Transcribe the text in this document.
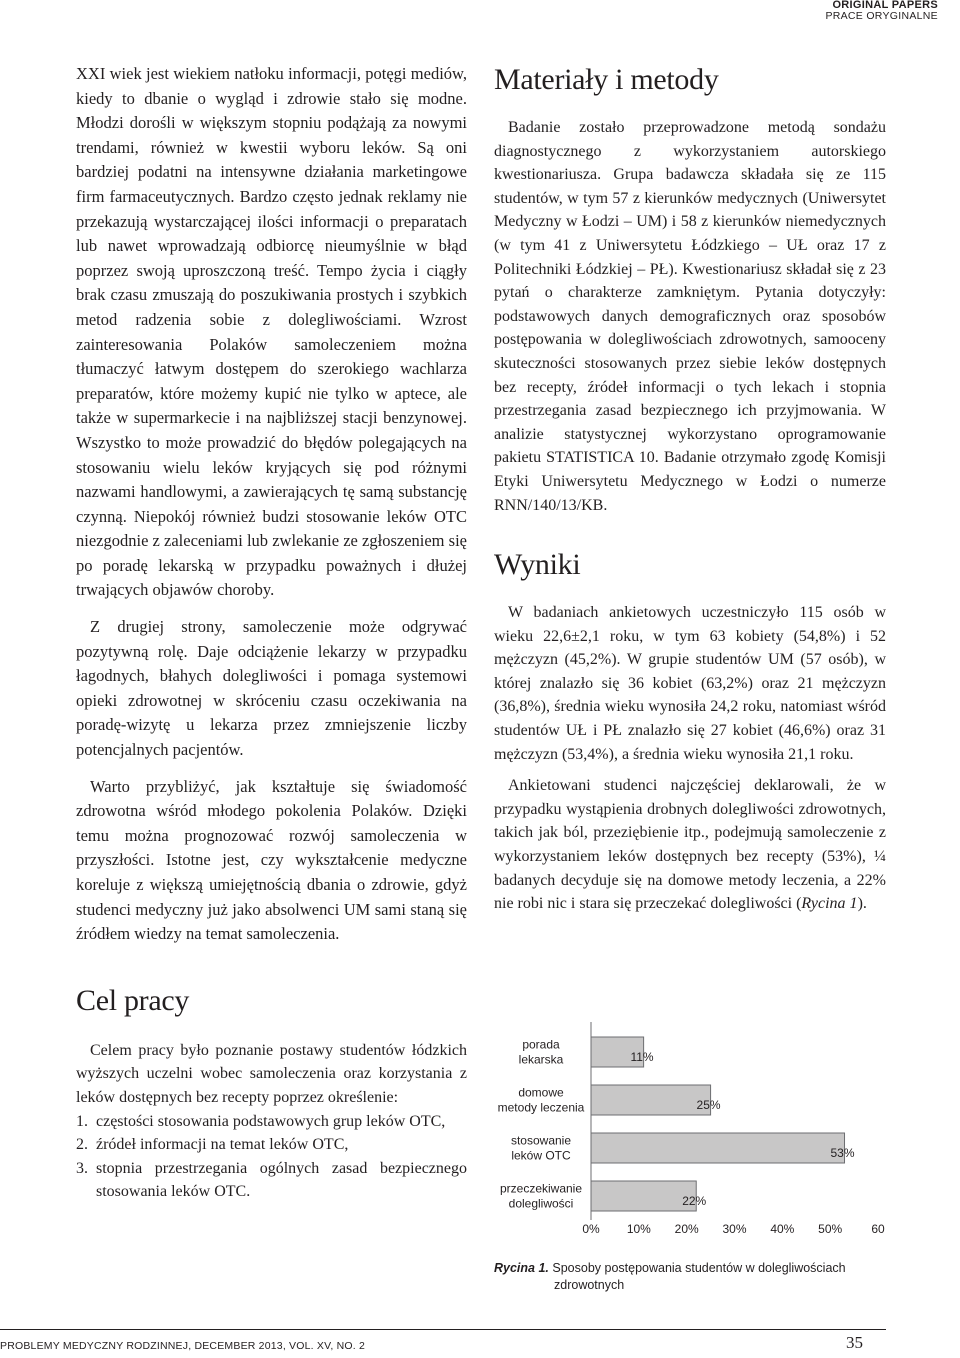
ORIGINAL PAPERS
PRACE ORYGINALNE

XXI wiek jest wiekiem natłoku informacji, potęgi mediów, kiedy to dbanie o wygląd i zdrowie stało się modne. Młodzi dorośli w większym stopniu podążają za nowymi trendami, również w kwestii wyboru leków. Są oni bardziej podatni na intensywne działania marketingowe firm farmaceutycznych. Bardzo często jednak reklamy nie przekazują wystarczającej ilości informacji o preparatach lub nawet wprowadzają odbiorcę nieumyślnie w błąd poprzez swoją uproszczoną treść. Tempo życia i ciągły brak czasu zmuszają do poszukiwania prostych i szybkich metod radzenia sobie z dolegliwościami. Wzrost zainteresowania Polaków samoleczeniem można tłumaczyć łatwym dostępem do szerokiego wachlarza preparatów, które możemy kupić nie tylko w aptece, ale także w supermarkecie i na najbliższej stacji benzynowej. Wszystko to może prowadzić do błędów polegających na stosowaniu wielu leków kryjących się pod różnymi nazwami handlowymi, a zawierających tę samą substancję czynną. Niepokój również budzi stosowanie leków OTC niezgodnie z zaleceniami lub zwlekanie ze zgłoszeniem się po poradę lekarską w przypadku poważnych i dłużej trwających objawów choroby.

Z drugiej strony, samoleczenie może odgrywać pozytywną rolę. Daje odciążenie lekarzy w przypadku łagodnych, błahych dolegliwości i pomaga systemowi opieki zdrowotnej w skróceniu czasu oczekiwania na poradę-wizytę u lekarza przez zmniejszenie liczby potencjalnych pacjentów.

Warto przybliżyć, jak kształtuje się świadomość zdrowotna wśród młodego pokolenia Polaków. Dzięki temu można prognozować rozwój samoleczenia w przyszłości. Istotne jest, czy wykształcenie medyczne koreluje z większą umiejętnością dbania o zdrowie, gdyż studenci medyczny już jako absolwenci UM sami staną się źródłem wiedzy na temat samoleczenia.

Cel pracy

Celem pracy było poznanie postawy studentów łódzkich wyższych uczelni wobec samoleczenia oraz korzystania z leków dostępnych bez recepty poprzez określenie:

1. częstości stosowania podstawowych grup leków OTC,
2. źródeł informacji na temat leków OTC,
3. stopnia przestrzegania ogólnych zasad bezpiecznego stosowania leków OTC.
Materiały i metody

Badanie zostało przeprowadzone metodą sondażu diagnostycznego z wykorzystaniem autorskiego kwestionariusza. Grupa badawcza składała się ze 115 studentów, w tym 57 z kierunków medycznych (Uniwersytet Medyczny w Łodzi – UM) i 58 z kierunków niemedycznych (w tym 41 z Uniwersytetu Łódzkiego – UŁ oraz 17 z Politechniki Łódzkiej – PŁ). Kwestionariusz składał się z 23 pytań o charakterze zamkniętym. Pytania dotyczyły: podstawowych danych demograficznych oraz sposobów postępowania w dolegliwościach zdrowotnych, samooceny skuteczności stosowanych przez siebie leków dostępnych bez recepty, źródeł informacji o tych lekach i stopnia przestrzegania zasad bezpiecznego ich przyjmowania. W analizie statystycznej wykorzystano oprogramowanie pakietu STATISTICA 10. Badanie otrzymało zgodę Komisji Etyki Uniwersytetu Medycznego w Łodzi o numerze RNN/140/13/KB.

Wyniki

W badaniach ankietowych uczestniczyło 115 osób w wieku 22,6±2,1 roku, w tym 63 kobiety (54,8%) i 52 mężczyzn (45,2%). W grupie studentów UM (57 osób), w której znalazło się 36 kobiet (63,2%) oraz 21 mężczyzn (36,8%), średnia wieku wynosiła 24,2 roku, natomiast wśród studentów UŁ i PŁ znalazło się 27 kobiet (46,6%) oraz 31 mężczyzn (53,4%), a średnia wieku wynosiła 21,1 roku.

Ankietowani studenci najczęściej deklarowali, że w przypadku wystąpienia drobnych dolegliwości zdrowotnych, takich jak ból, przeziębienie itp., podejmują samoleczenie z wykorzystaniem leków dostępnych bez recepty (53%), ¼ badanych decyduje się na domowe metody leczenia, a 22% nie robi nic i stara się przeczekać dolegliwości (Rycina 1).

porada
lekarska	11%
domowe
metody leczenia	25%
stosowanie
leków OTC	53%
przeczekiwanie
dolegliwości	22%
0% 10% 20% 30% 40% 50% 60
Rycina 1. Sposoby postępowania studentów w dolegliwościach
zdrowotnych
PROBLEMY MEDYCZNY RODZINNEJ, DECEMBER 2013, VOL. XV, NO. 2	35
